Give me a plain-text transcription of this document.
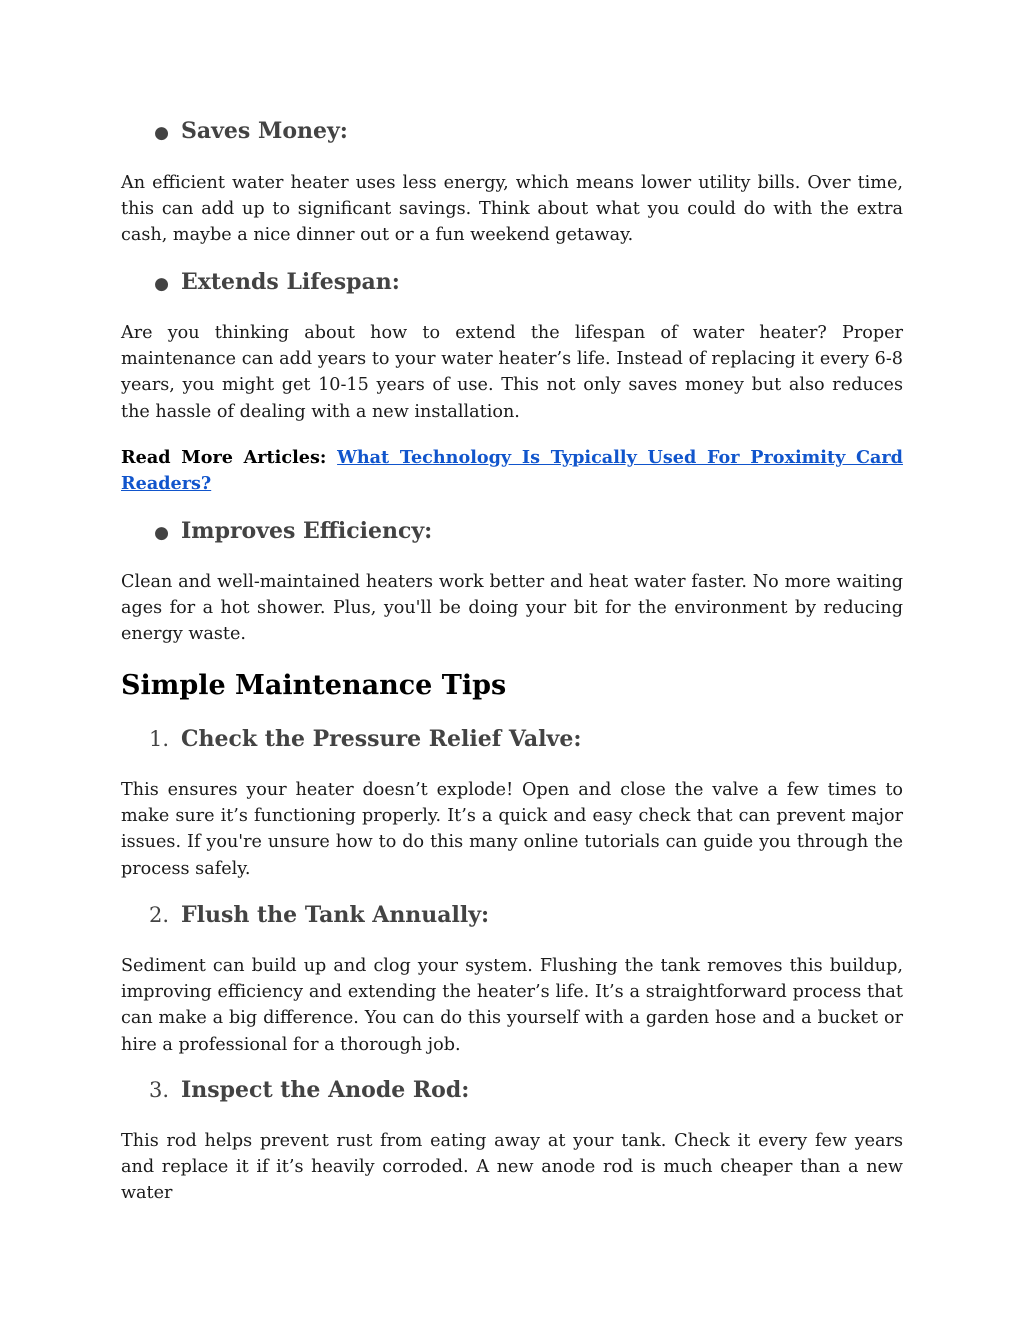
● Saves Money:
An efficient water heater uses less energy, which means lower utility bills. Over time, this can add up to significant savings. Think about what you could do with the extra cash, maybe a nice dinner out or a fun weekend getaway.
● Extends Lifespan:
Are you thinking about how to extend the lifespan of water heater? Proper maintenance can add years to your water heater’s life. Instead of replacing it every 6-8 years, you might get 10-15 years of use. This not only saves money but also reduces the hassle of dealing with a new installation.
Read More Articles: What Technology Is Typically Used For Proximity Card Readers?
● Improves Efficiency:
Clean and well-maintained heaters work better and heat water faster. No more waiting ages for a hot shower. Plus, you'll be doing your bit for the environment by reducing energy waste.
Simple Maintenance Tips
1. Check the Pressure Relief Valve:
This ensures your heater doesn’t explode! Open and close the valve a few times to make sure it’s functioning properly. It’s a quick and easy check that can prevent major issues. If you're unsure how to do this many online tutorials can guide you through the process safely.
2. Flush the Tank Annually:
Sediment can build up and clog your system. Flushing the tank removes this buildup, improving efficiency and extending the heater’s life. It’s a straightforward process that can make a big difference. You can do this yourself with a garden hose and a bucket or hire a professional for a thorough job.
3. Inspect the Anode Rod:
This rod helps prevent rust from eating away at your tank. Check it every few years and replace it if it’s heavily corroded. A new anode rod is much cheaper than a new water
